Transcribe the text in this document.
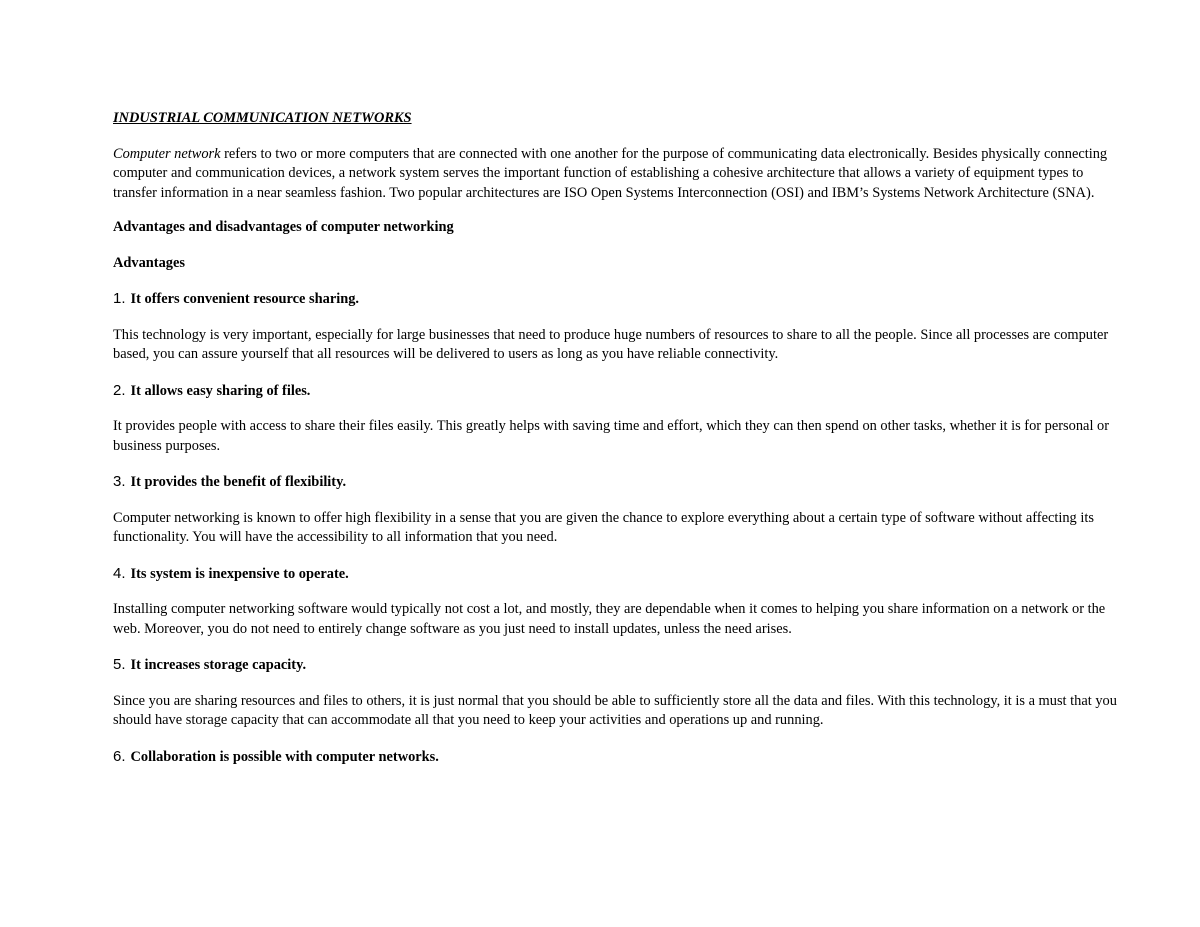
INDUSTRIAL COMMUNICATION NETWORKS

Computer network refers to two or more computers that are connected with one another for the purpose of communicating data electronically. Besides physically connecting computer and communication devices, a network system serves the important function of establishing a cohesive architecture that allows a variety of equipment types to transfer information in a near seamless fashion. Two popular architectures are ISO Open Systems Interconnection (OSI) and IBM’s Systems Network Architecture (SNA).

Advantages and disadvantages of computer networking
Advantages
1. It offers convenient resource sharing.

This technology is very important, especially for large businesses that need to produce huge numbers of resources to share to all the people. Since all processes are computer based, you can assure yourself that all resources will be delivered to users as long as you have reliable connectivity.

2. It allows easy sharing of files.

It provides people with access to share their files easily. This greatly helps with saving time and effort, which they can then spend on other tasks, whether it is for personal or business purposes.

3. It provides the benefit of flexibility.

Computer networking is known to offer high flexibility in a sense that you are given the chance to explore everything about a certain type of software without affecting its functionality. You will have the accessibility to all information that you need.

4. Its system is inexpensive to operate.

Installing computer networking software would typically not cost a lot, and mostly, they are dependable when it comes to helping you share information on a network or the web. Moreover, you do not need to entirely change software as you just need to install updates, unless the need arises.

5. It increases storage capacity.

Since you are sharing resources and files to others, it is just normal that you should be able to sufficiently store all the data and files. With this technology, it is a must that you should have storage capacity that can accommodate all that you need to keep your activities and operations up and running.

6. Collaboration is possible with computer networks.
